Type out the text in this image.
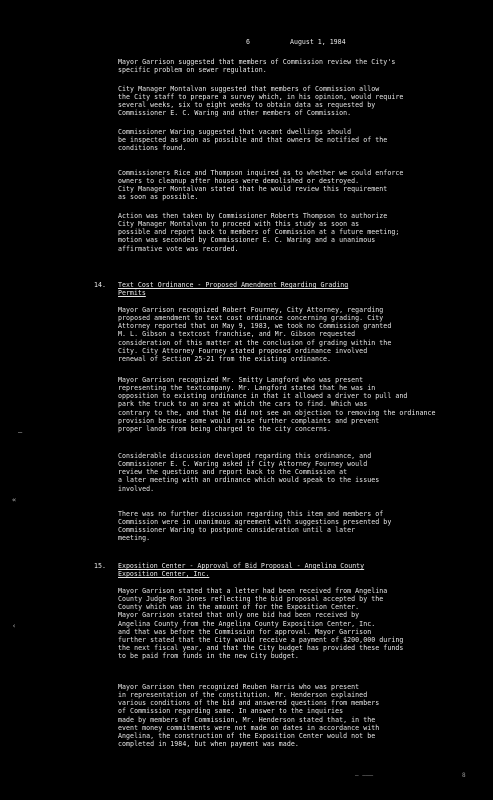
6	August 1, 1984

Mayor Garrison suggested that members of Commission review the City's

specific problem on sewer regulation.

City Manager Montalvan suggested that members of Commission allow

the City staff to prepare a survey which, in his opinion, would require

several weeks, six to eight weeks to obtain data as requested by

Commissioner E. C. Waring and other members of Commission.

Commissioner Waring suggested that vacant dwellings should

be inspected as soon as possible and that owners be notified of the

conditions found.

Commissioners Rice and Thompson inquired as to whether we could enforce

owners to cleanup after houses were demolished or destroyed.

City Manager Montalvan stated that he would review this requirement

as soon as possible.

Action was then taken by Commissioner Roberts Thompson to authorize

City Manager Montalvan to proceed with this study as soon as

possible and report back to members of Commission at a future meeting;

motion was seconded by Commissioner E. C. Waring and a unanimous

affirmative vote was recorded.

14. Text Cost Ordinance - Proposed Amendment Regarding Grading
Permits

Mayor Garrison recognized Robert Fourney, City Attorney, regarding

proposed amendment to text cost ordinance concerning grading. City

Attorney reported that on May 9, 1983, we took no Commission granted

M. L. Gibson a textcost franchise, and Mr. Gibson requested

consideration of this matter at the conclusion of grading within the

City. City Attorney Fourney stated proposed ordinance involved

renewal of Section 25-21 from the existing ordinance.

Mayor Garrison recognized Mr. Smitty Langford who was present

representing the textcompany. Mr. Langford stated that he was in

opposition to existing ordinance in that it allowed a driver to pull and

park the truck to an area at which the cars to find. Which was

contrary to the, and that he did not see an objection to removing the ordinance

provision because some would raise further complaints and prevent

proper lands from being charged to the city concerns.

Considerable discussion developed regarding this ordinance, and

Commissioner E. C. Waring asked if City Attorney Fourney would

review the questions and report back to the Commission at

a later meeting with an ordinance which would speak to the issues

involved.

There was no further discussion regarding this item and members of

Commission were in unanimous agreement with suggestions presented by

Commissioner Waring to postpone consideration until a later

meeting.

15. Exposition Center - Approval of Bid Proposal - Angelina County
Exposition Center, Inc.

Mayor Garrison stated that a letter had been received from Angelina

County Judge Ron Jones reflecting the bid proposal accepted by the

County which was in the amount of for the Exposition Center.

Mayor Garrison stated that only one bid had been received by

Angelina County from the Angelina County Exposition Center, Inc.

and that was before the Commission for approval. Mayor Garrison

further stated that the City would receive a payment of $200,000 during

the next fiscal year, and that the City budget has provided these funds

to be paid from funds in the new City budget.

Mayor Garrison then recognized Reuben Harris who was present

in representation of the constitution. Mr. Henderson explained

various conditions of the bid and answered questions from members

of Commission regarding same. In answer to the inquiries

made by members of Commission, Mr. Henderson stated that, in the

event money commitments were not made on dates in accordance with

Angelina, the construction of the Exposition Center would not be

completed in 1984, but when payment was made.

—
«
‹
— ———	8
